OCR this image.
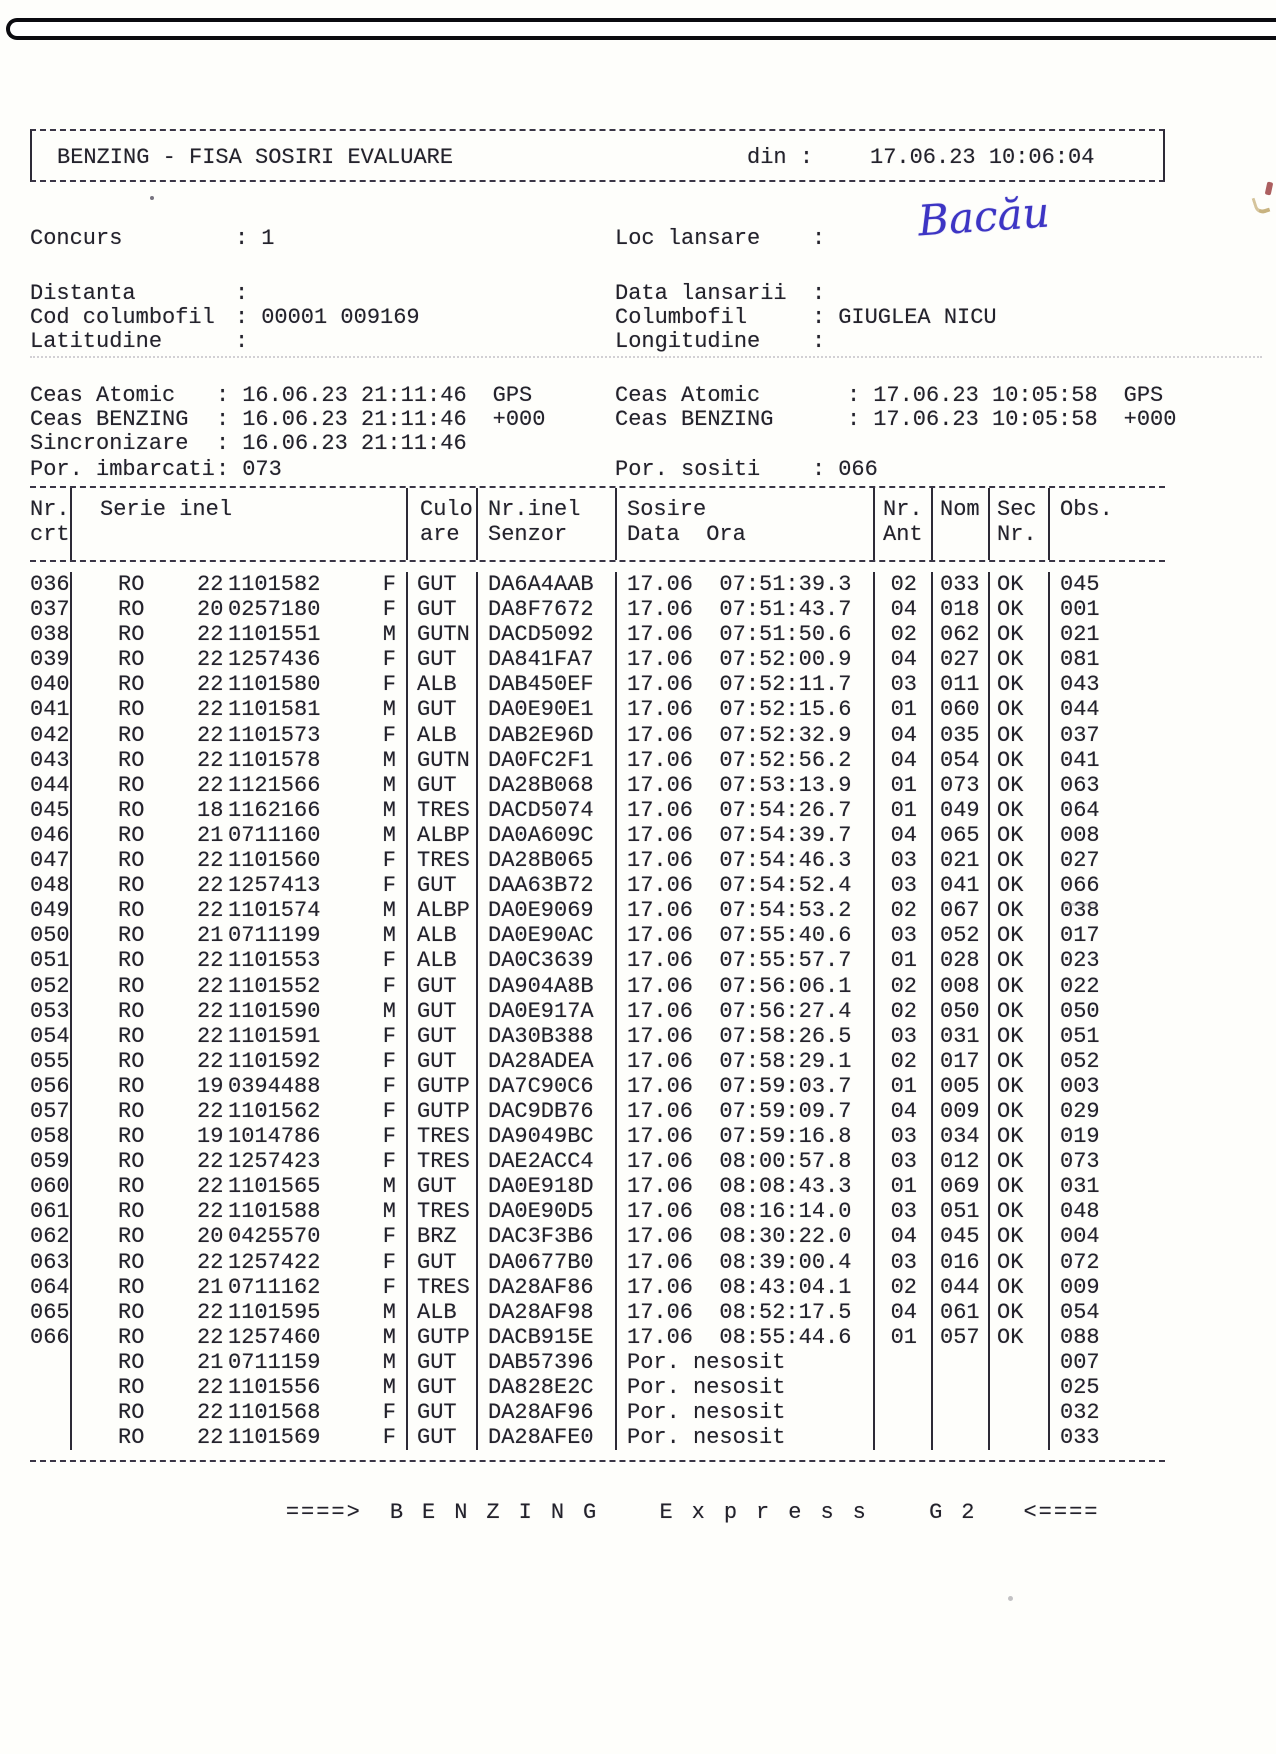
BENZING - FISA SOSIRI EVALUARE	din :	17.06.23 10:06:04
Concurs	: 1	Loc lansare	: Bacău
Distanta	:	Data lansarii	:
Cod columbofil : 00001 009169	Columbofil	: GIUGLEA NICU
Latitudine	:	Longitudine	:
Ceas Atomic	: 16.06.23 21:11:46 GPS	Ceas Atomic	: 17.06.23 10:05:58 GPS
Ceas BENZING	: 16.06.23 21:11:46 +000	Ceas BENZING	: 17.06.23 10:05:58 +000
Sincronizare	: 16.06.23 21:11:46
Por. imbarcati : 073	Por. sositi	: 066
Nr.
crt
Serie inel	Culo
are
Nr.inel
Senzor
Sosire
Data  Ora
Nr.
Ant
Nom Sec
Nr.
Obs.
036 RO 22 1101582	F GUT	DA6A4AAB	17.06  07:51:39.3	02	033 OK	045
037 RO 20 0257180	F GUT	DA8F7672	17.06  07:51:43.7	04	018 OK	001
038 RO 22 1101551	M GUTN DACD5092	17.06  07:51:50.6	02	062 OK	021
039 RO 22 1257436	F GUT	DA841FA7	17.06  07:52:00.9	04	027 OK	081
040 RO 22 1101580	F ALB	DAB450EF	17.06  07:52:11.7	03	011 OK	043
041 RO 22 1101581	M GUT	DA0E90E1	17.06  07:52:15.6	01	060 OK	044
042 RO 22 1101573	F ALB	DAB2E96D	17.06  07:52:32.9	04	035 OK	037
043 RO 22 1101578	M GUTN DA0FC2F1	17.06  07:52:56.2	04	054 OK	041
044 RO 22 1121566	M GUT	DA28B068	17.06  07:53:13.9	01	073 OK	063
045 RO 18 1162166	M TRES DACD5074	17.06  07:54:26.7	01	049 OK	064
046 RO 21 0711160	M ALBP DA0A609C	17.06  07:54:39.7	04	065 OK	008
047 RO 22 1101560	F TRES DA28B065	17.06  07:54:46.3	03	021 OK	027
048 RO 22 1257413	F GUT	DAA63B72	17.06  07:54:52.4	03	041 OK	066
049 RO 22 1101574	M ALBP DA0E9069	17.06  07:54:53.2	02	067 OK	038
050 RO 21 0711199	M ALB	DA0E90AC	17.06  07:55:40.6	03	052 OK	017
051 RO 22 1101553	F ALB	DA0C3639	17.06  07:55:57.7	01	028 OK	023
052 RO 22 1101552	F GUT	DA904A8B	17.06  07:56:06.1	02	008 OK	022
053 RO 22 1101590	M GUT	DA0E917A	17.06  07:56:27.4	02	050 OK	050
054 RO 22 1101591	F GUT	DA30B388	17.06  07:58:26.5	03	031 OK	051
055 RO 22 1101592	F GUT	DA28ADEA	17.06  07:58:29.1	02	017 OK	052
056 RO 19 0394488	F GUTP DA7C90C6	17.06  07:59:03.7	01	005 OK	003
057 RO 22 1101562	F GUTP DAC9DB76	17.06  07:59:09.7	04	009 OK	029
058 RO 19 1014786	F TRES DA9049BC	17.06  07:59:16.8	03	034 OK	019
059 RO 22 1257423	F TRES DAE2ACC4	17.06  08:00:57.8	03	012 OK	073
060 RO 22 1101565	M GUT	DA0E918D	17.06  08:08:43.3	01	069 OK	031
061 RO 22 1101588	M TRES DA0E90D5	17.06  08:16:14.0	03	051 OK	048
062 RO 20 0425570	F BRZ	DAC3F3B6	17.06  08:30:22.0	04	045 OK	004
063 RO 22 1257422	F GUT	DA0677B0	17.06  08:39:00.4	03	016 OK	072
064 RO 21 0711162	F TRES DA28AF86	17.06  08:43:04.1	02	044 OK	009
065 RO 22 1101595	M ALB	DA28AF98	17.06  08:52:17.5	04	061 OK	054
066 RO 22 1257460	M GUTP DACB915E	17.06  08:55:44.6	01	057 OK	088
RO 21 0711159	M GUT	DAB57396	Por. nesosit	007
RO 22 1101556	M GUT	DA828E2C	Por. nesosit	025
RO 22 1101568	F GUT	DA28AF96	Por. nesosit	032
RO 22 1101569	F GUT	DA28AFE0	Por. nesosit	033

====> BENZING Express G2 <====
